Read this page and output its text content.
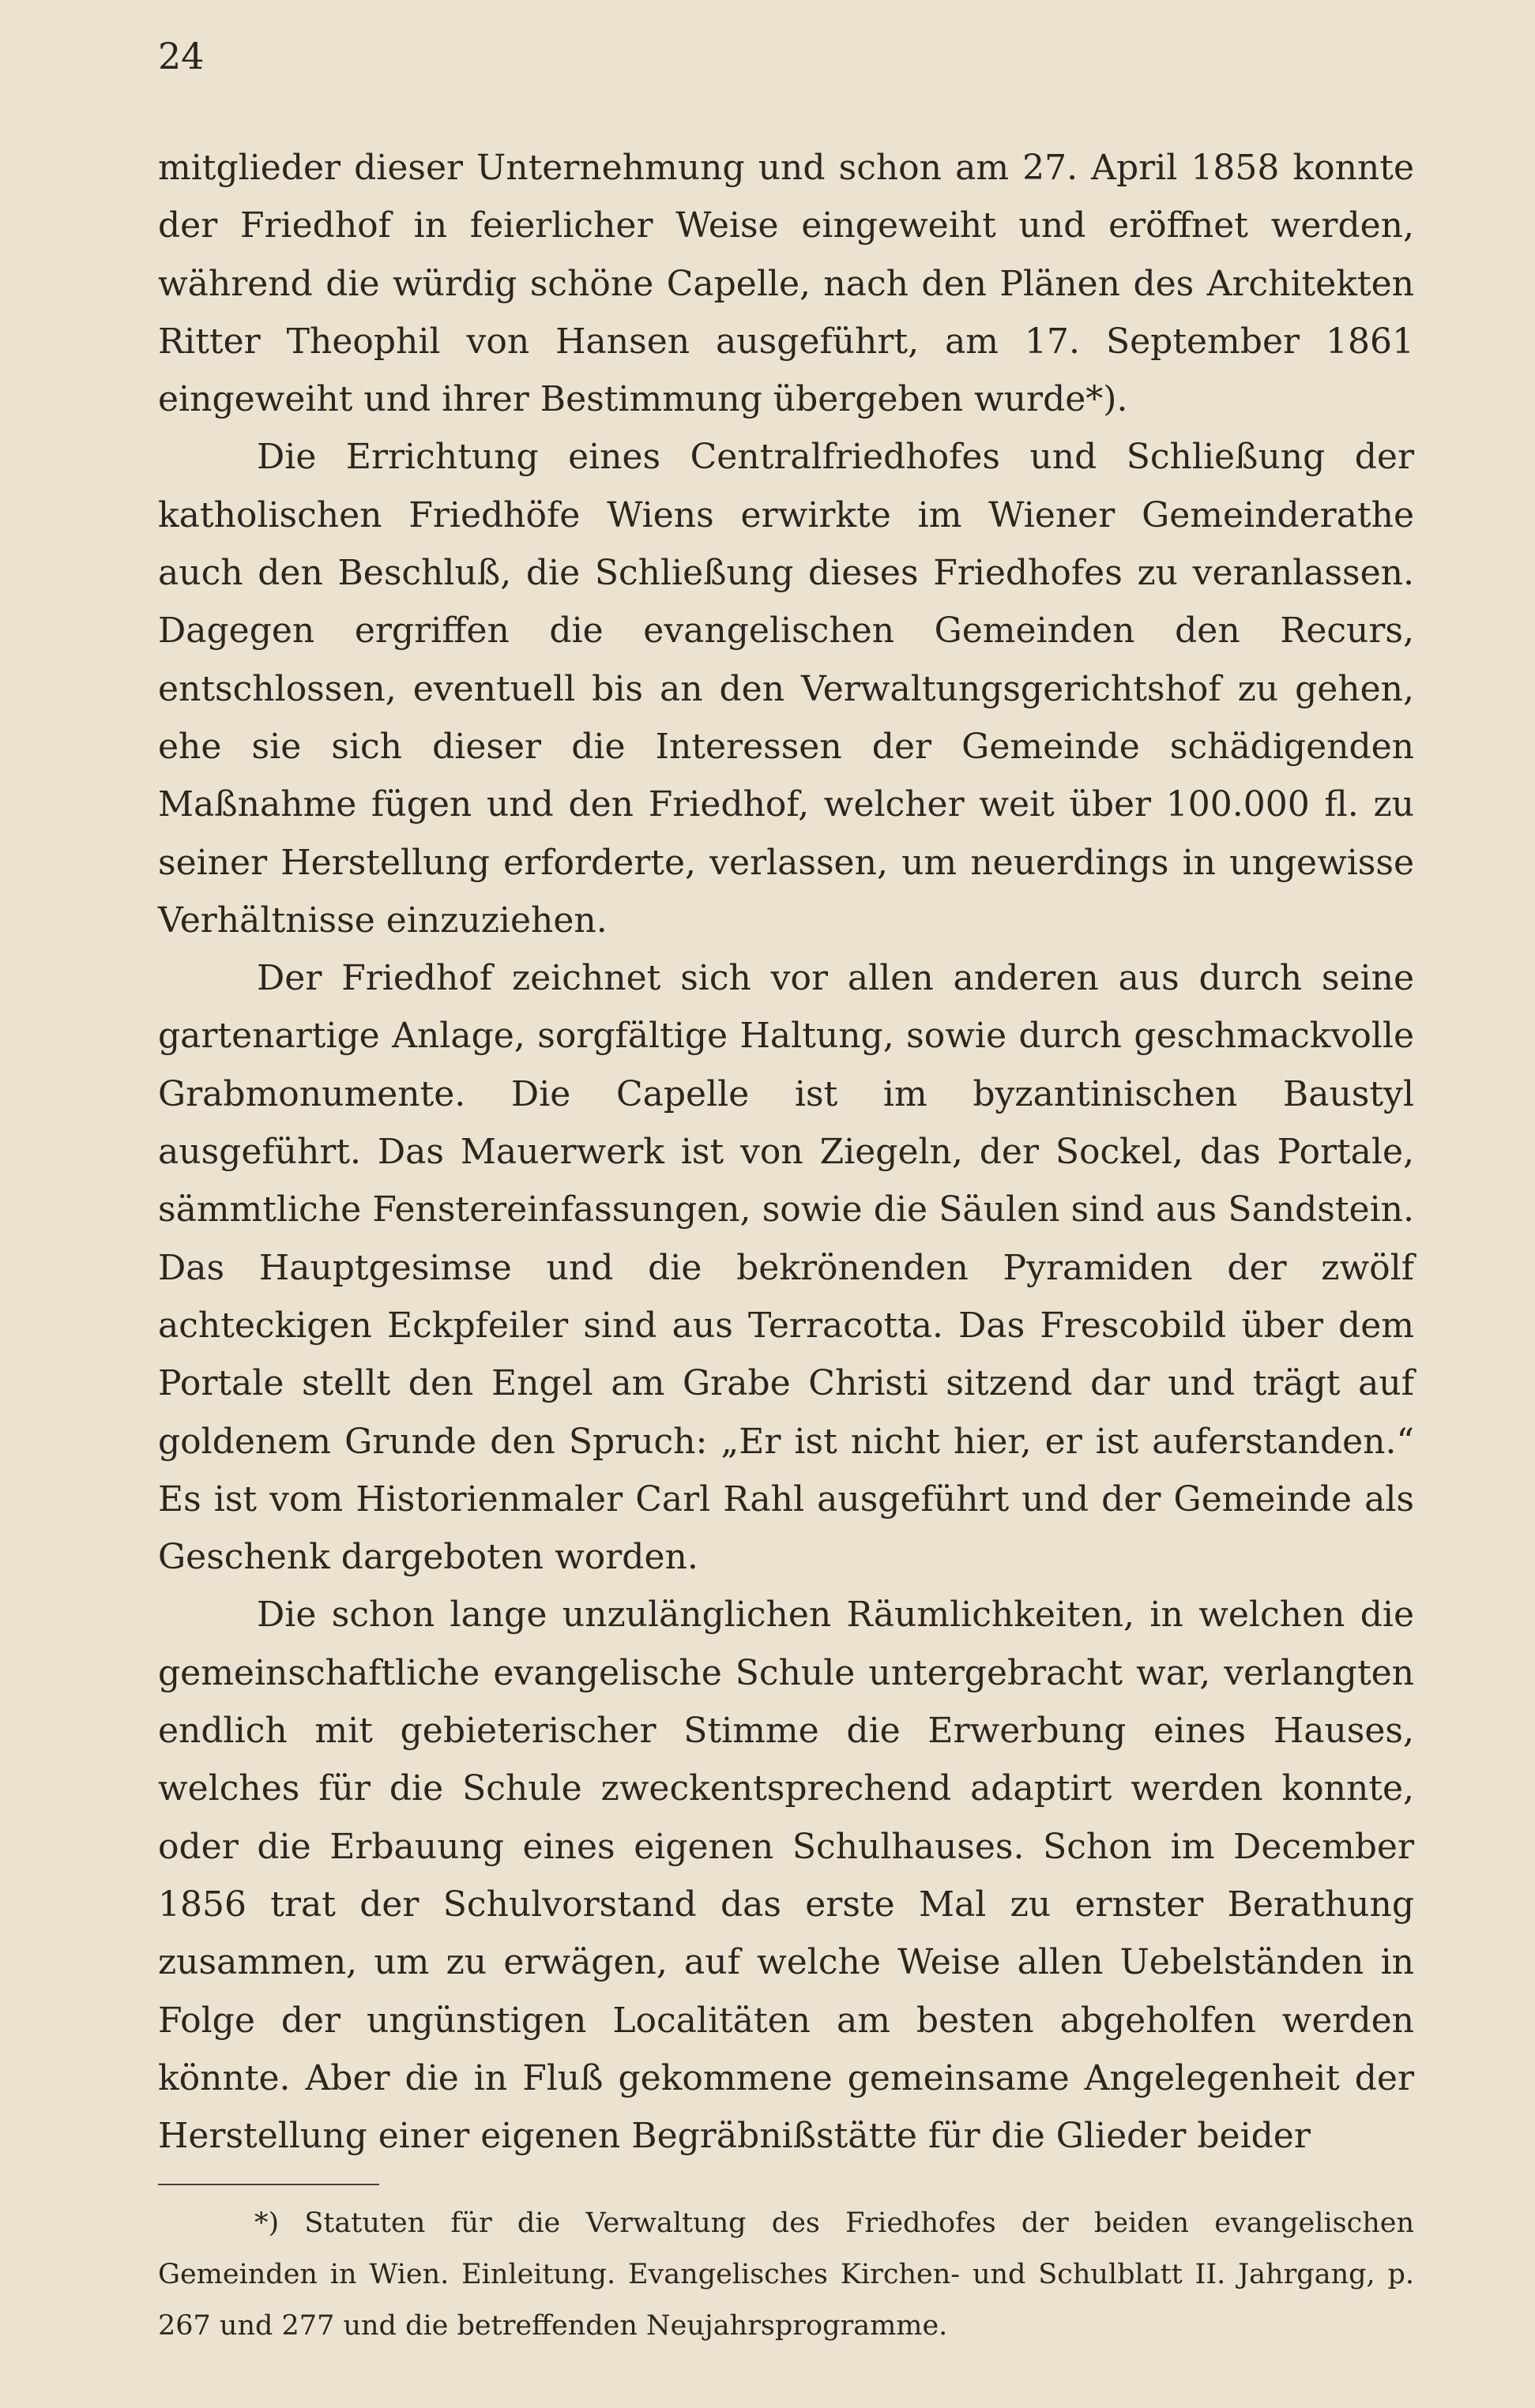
24

mitglieder dieser Unternehmung und schon am 27. April 1858 konnte der Friedhof in feierlicher Weise eingeweiht und eröffnet werden, während die würdig schöne Capelle, nach den Plänen des Architekten Ritter Theophil von Hansen ausgeführt, am 17. September 1861 eingeweiht und ihrer Bestimmung übergeben wurde*).

Die Errichtung eines Centralfriedhofes und Schließung der katholischen Friedhöfe Wiens erwirkte im Wiener Gemeinderathe auch den Beschluß, die Schließung dieses Friedhofes zu veranlassen. Dagegen ergriffen die evangelischen Gemeinden den Recurs, entschlossen, eventuell bis an den Verwaltungsgerichtshof zu gehen, ehe sie sich dieser die Interessen der Gemeinde schädigenden Maßnahme fügen und den Friedhof, welcher weit über 100.000 fl. zu seiner Herstellung erforderte, verlassen, um neuerdings in ungewisse Verhältnisse einzuziehen.

Der Friedhof zeichnet sich vor allen anderen aus durch seine gartenartige Anlage, sorgfältige Haltung, sowie durch geschmackvolle Grabmonumente. Die Capelle ist im byzantinischen Baustyl ausgeführt. Das Mauerwerk ist von Ziegeln, der Sockel, das Portale, sämmtliche Fenstereinfassungen, sowie die Säulen sind aus Sandstein. Das Hauptgesimse und die bekrönenden Pyramiden der zwölf achteckigen Eckpfeiler sind aus Terracotta. Das Frescobild über dem Portale stellt den Engel am Grabe Christi sitzend dar und trägt auf goldenem Grunde den Spruch: „Er ist nicht hier, er ist auferstanden.“ Es ist vom Historienmaler Carl Rahl ausgeführt und der Gemeinde als Geschenk dargeboten worden.

Die schon lange unzulänglichen Räumlichkeiten, in welchen die gemeinschaftliche evangelische Schule untergebracht war, verlangten endlich mit gebieterischer Stimme die Erwerbung eines Hauses, welches für die Schule zweckentsprechend adaptirt werden konnte, oder die Erbauung eines eigenen Schulhauses. Schon im December 1856 trat der Schulvorstand das erste Mal zu ernster Berathung zusammen, um zu erwägen, auf welche Weise allen Uebelständen in Folge der ungünstigen Localitäten am besten abgeholfen werden könnte. Aber die in Fluß gekommene gemeinsame Angelegenheit der Herstellung einer eigenen Begräbnißstätte für die Glieder beider

*) Statuten für die Verwaltung des Friedhofes der beiden evangelischen Gemeinden in Wien. Einleitung. Evangelisches Kirchen- und Schulblatt II. Jahrgang, p. 267 und 277 und die betreffenden Neujahrsprogramme.
